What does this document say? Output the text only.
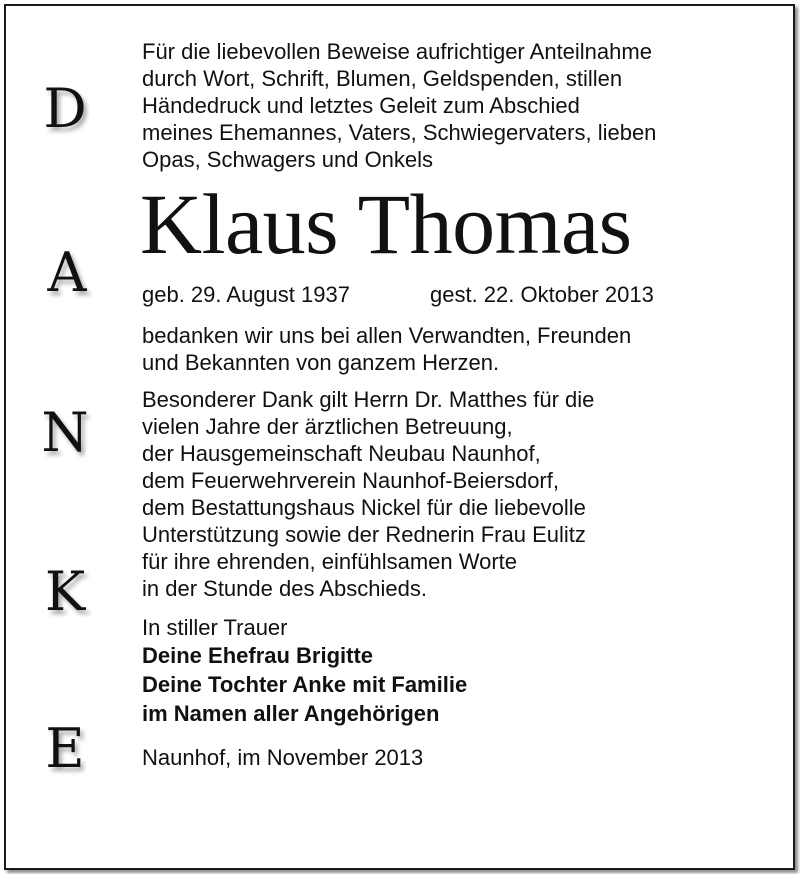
D
A
N
K
E

Für die liebevollen Beweise aufrichtiger Anteilnahme
durch Wort, Schrift, Blumen, Geldspenden, stillen
Händedruck und letztes Geleit zum Abschied
meines Ehemannes, Vaters, Schwiegervaters, lieben
Opas, Schwagers und Onkels

Klaus Thomas
geb. 29. August 1937	gest. 22. Oktober 2013

bedanken wir uns bei allen Verwandten, Freunden
und Bekannten von ganzem Herzen.

Besonderer Dank gilt Herrn Dr. Matthes für die
vielen Jahre der ärztlichen Betreuung,
der Hausgemeinschaft Neubau Naunhof,
dem Feuerwehrverein Naunhof-Beiersdorf,
dem Bestattungshaus Nickel für die liebevolle
Unterstützung sowie der Rednerin Frau Eulitz
für ihre ehrenden, einfühlsamen Worte
in der Stunde des Abschieds.

In stiller Trauer

Deine Ehefrau Brigitte

Deine Tochter Anke mit Familie

im Namen aller Angehörigen

Naunhof, im November 2013
